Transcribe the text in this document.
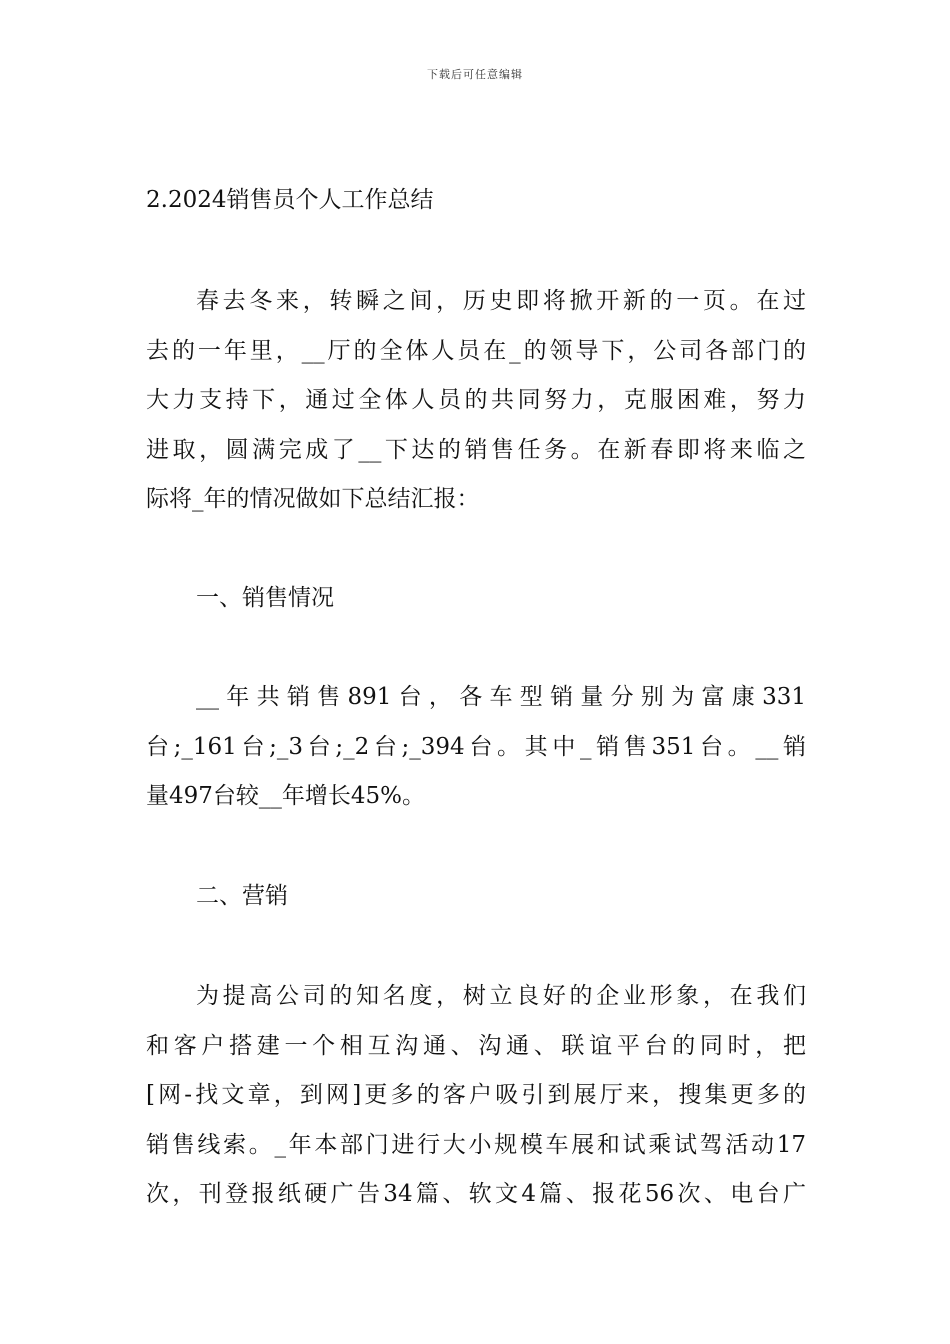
下载后可任意编辑
2.2024销售员个人工作总结
春去冬来，转瞬之间，历史即将掀开新的一页。在过
去的一年里，__厅的全体人员在_的领导下，公司各部门的
大力支持下，通过全体人员的共同努力，克服困难，努力
进取，圆满完成了__下达的销售任务。在新春即将来临之
际将_年的情况做如下总结汇报：
一、销售情况
__年共销售891台，各车型销量分别为富康331
台;_161台;_3台;_2台;_394台。其中_销售351台。__销
量497台较__年增长45%。
二、营销
为提高公司的知名度，树立良好的企业形象，在我们
和客户搭建一个相互沟通、沟通、联谊平台的同时，把
[网-找文章，到网]更多的客户吸引到展厅来，搜集更多的
销售线索。_年本部门进行大小规模车展和试乘试驾活动17
次，刊登报纸硬广告34篇、软文4篇、报花56次、电台广
